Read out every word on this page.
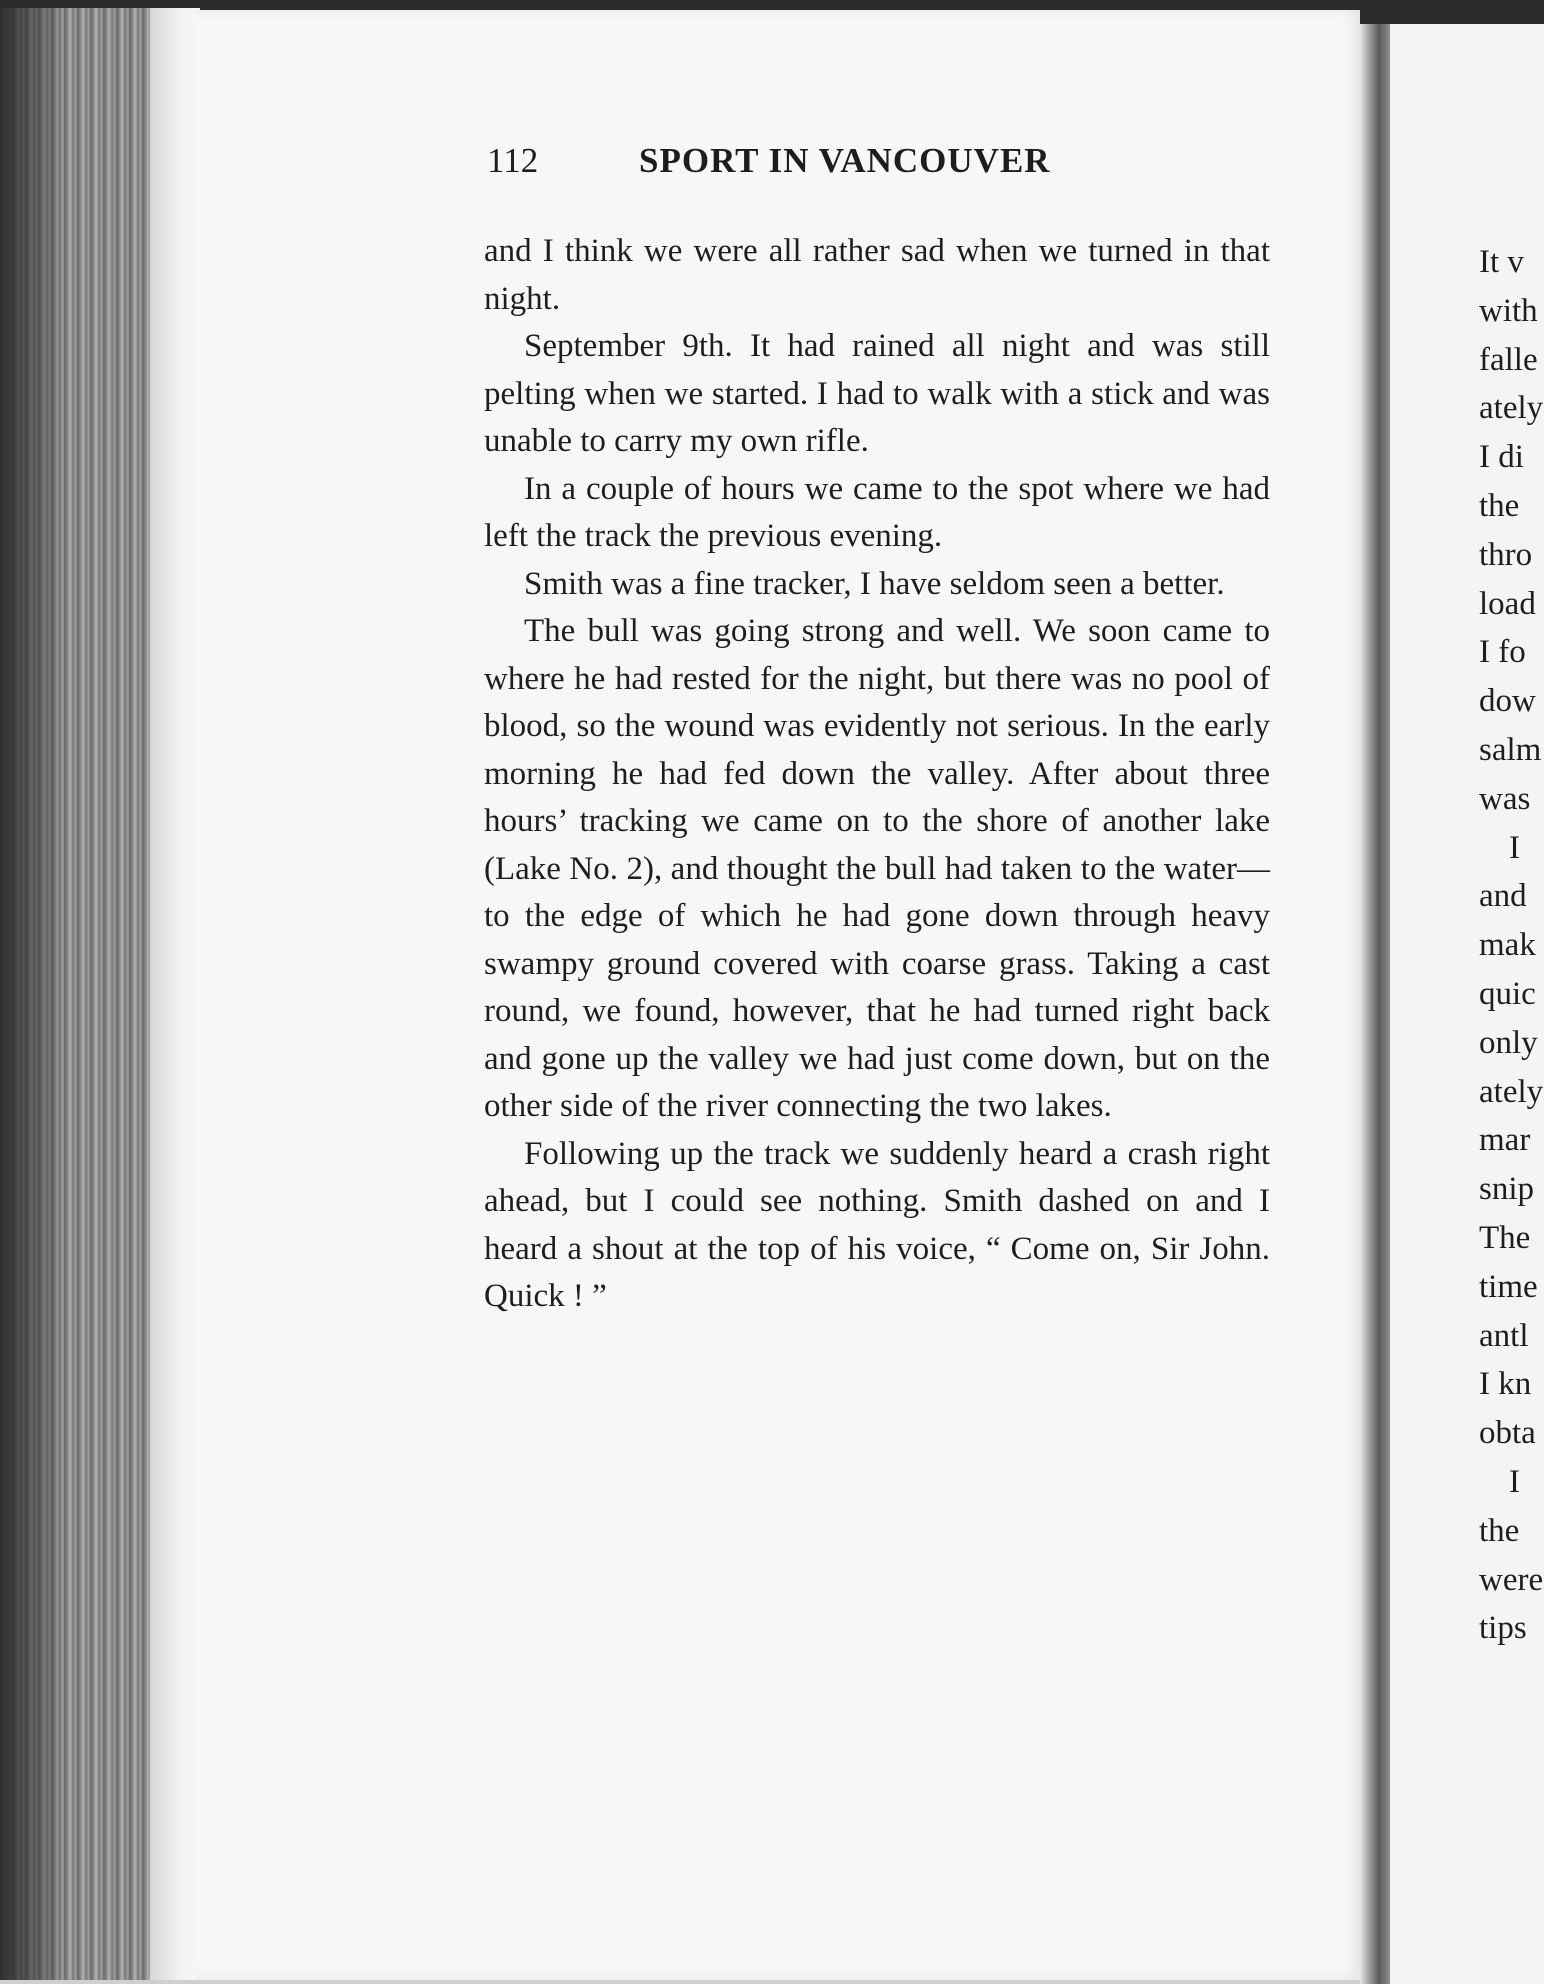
112	SPORT IN VANCOUVER

and I think we were all rather sad when we turned in that night.

September 9th. It had rained all night and was still pelting when we started. I had to walk with a stick and was unable to carry my own rifle.

In a couple of hours we came to the spot where we had left the track the previous evening.

Smith was a fine tracker, I have seldom seen a better.

The bull was going strong and well. We soon came to where he had rested for the night, but there was no pool of blood, so the wound was evidently not serious. In the early morning he had fed down the valley. After about three hours’ tracking we came on to the shore of another lake (Lake No. 2), and thought the bull had taken to the water—to the edge of which he had gone down through heavy swampy ground covered with coarse grass. Taking a cast round, we found, however, that he had turned right back and gone up the valley we had just come down, but on the other side of the river connecting the two lakes.

Following up the track we suddenly heard a crash right ahead, but I could see nothing. Smith dashed on and I heard a shout at the top of his voice, “ Come on, Sir John. Quick ! ”

It v
with
falle
ately
I di
the
thro
load
I fo
dow
salm
was
I
and
mak
quic
only
ately
mar
snip
The
time
antl
I kn
obta
I
the
were
tips
